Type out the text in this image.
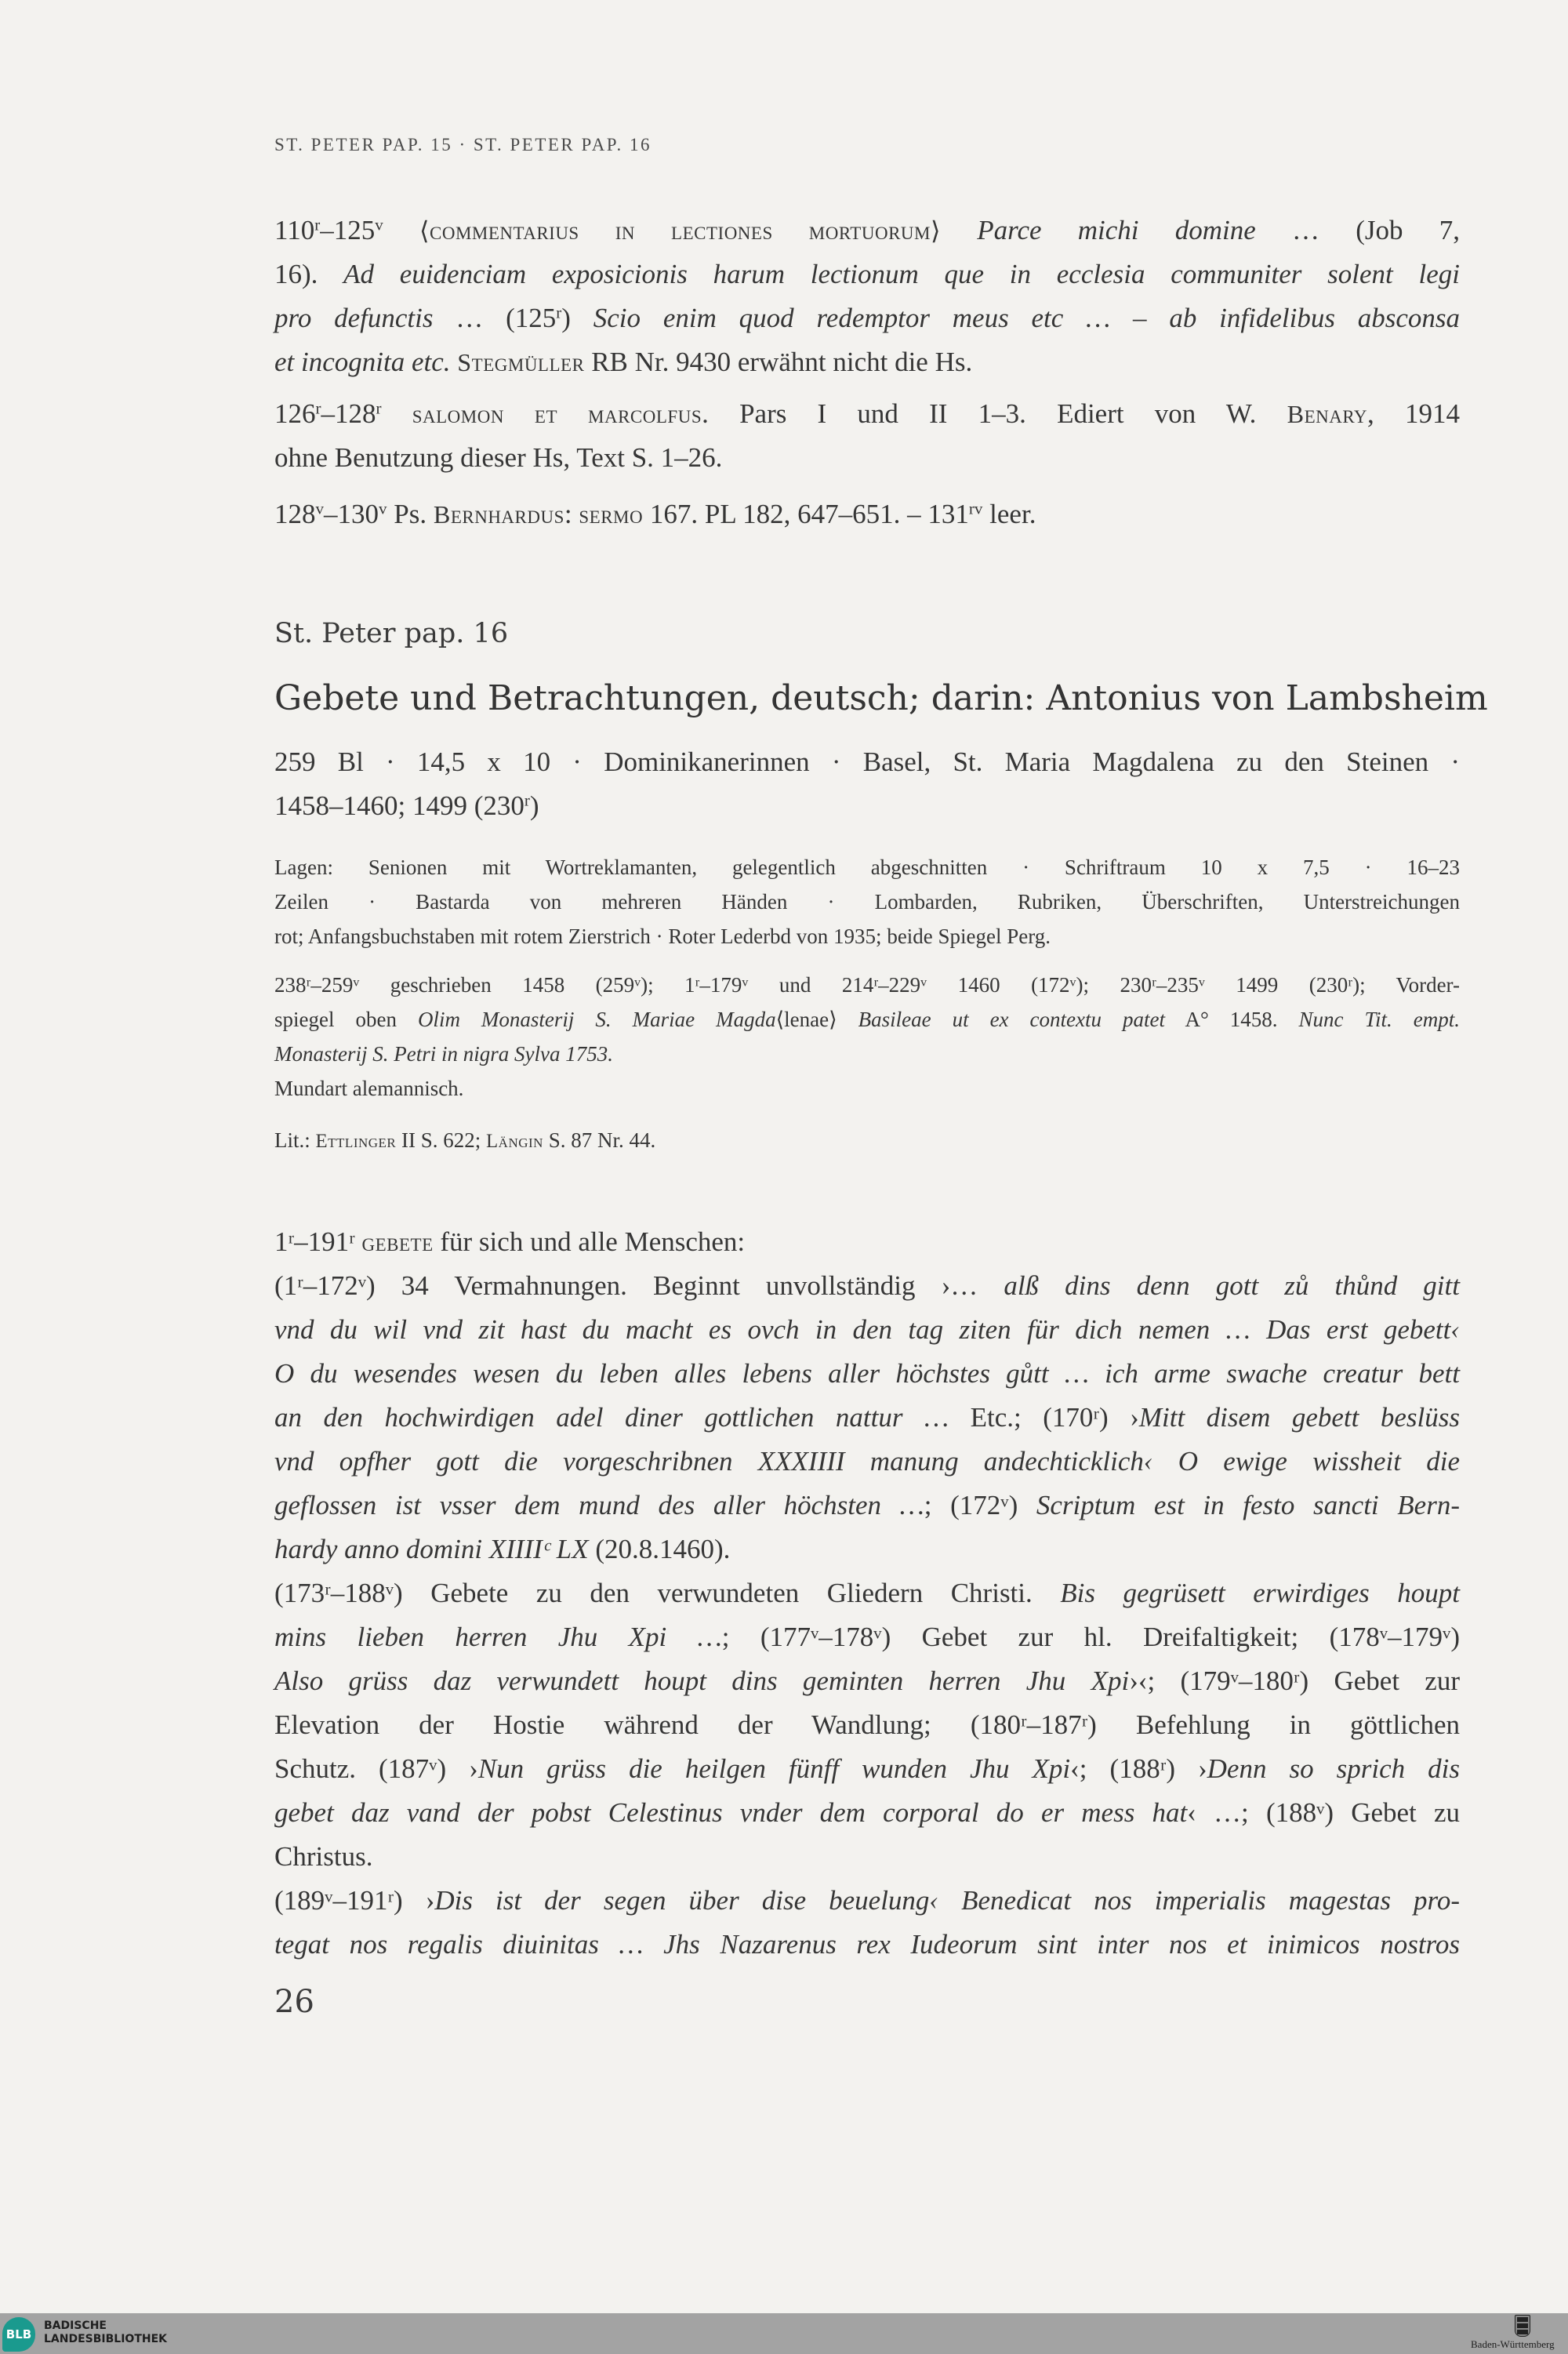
ST. PETER PAP. 15 · ST. PETER PAP. 16
110$^r$–125$^v$ ⟨commentarius in lectiones mortuorum⟩ Parce michi domine … (Job 7,
16). Ad euidenciam exposicionis harum lectionum que in ecclesia communiter solent legi
pro defunctis … (125$^r$) Scio enim quod redemptor meus etc … – ab infidelibus absconsa
et incognita etc. Stegmüller RB Nr. 9430 erwähnt nicht die Hs.
126$^r$–128$^r$ salomon et marcolfus. Pars I und II 1–3. Ediert von W. Benary, 1914
ohne Benutzung dieser Hs, Text S. 1–26.
128$^v$–130$^v$ Ps. Bernhardus: sermo 167. PL 182, 647–651. – $131^{rv}$ leer.
St. Peter pap. 16
Gebete und Betrachtungen, deutsch; darin: Antonius von Lambsheim
259 Bl · 14,5 x 10 · Dominikanerinnen · Basel, St. Maria Magdalena zu den Steinen ·
1458–1460; 1499 (230$^r$)
Lagen: Senionen mit Wortreklamanten, gelegentlich abgeschnitten · Schriftraum 10 x 7,5 · 16–23
Zeilen · Bastarda von mehreren Händen · Lombarden, Rubriken, Überschriften, Unterstreichungen
rot; Anfangsbuchstaben mit rotem Zierstrich · Roter Lederbd von 1935; beide Spiegel Perg.
238ʳ–259ᵛ geschrieben 1458 (259ᵛ); 1ʳ–179ᵛ und 214ʳ–229ᵛ 1460 (172ᵛ); 230ʳ–235ᵛ 1499 (230ʳ); Vorder-
spiegel oben Olim Monasterij S. Mariae Magda⟨lenae⟩ Basileae ut ex contextu patet A° 1458. Nunc Tit. empt.
Monasterij S. Petri in nigra Sylva 1753.
Mundart alemannisch.
Lit.: Ettlinger II S. 622; Längin S. 87 Nr. 44.
1ʳ–191ʳ gebete für sich und alle Menschen:
(1ʳ–172ᵛ) 34 Vermahnungen. Beginnt unvollständig ›… alß dins denn gott zů thůnd gitt
vnd du wil vnd zit hast du macht es ovch in den tag ziten für dich nemen … Das erst gebett‹
O du wesendes wesen du leben alles lebens aller höchstes gůtt … ich arme swache creatur bett
an den hochwirdigen adel diner gottlichen nattur … Etc.; (170ʳ) ›Mitt disem gebett beslüss
vnd opfher gott die vorgeschribnen XXXIIII manung andechticklich‹ O ewige wissheit die
geflossen ist vsser dem mund des aller höchsten …; (172ᵛ) Scriptum est in festo sancti Bern-
hardy anno domini XIIIIᶜ LX (20.8.1460).
(173ʳ–188ᵛ) Gebete zu den verwundeten Gliedern Christi. Bis gegrüsett erwirdiges houpt
mins lieben herren Jhu Xpi …; (177ᵛ–178ᵛ) Gebet zur hl. Dreifaltigkeit; (178ᵛ–179ᵛ)
Also grüss daz verwundett houpt dins geminten herren Jhu Xpi›‹; (179ᵛ–180ʳ) Gebet zur
Elevation der Hostie während der Wandlung; (180ʳ–187ʳ) Befehlung in göttlichen
Schutz. (187ᵛ) ›Nun grüss die heilgen fünff wunden Jhu Xpi‹; (188ʳ) ›Denn so sprich dis
gebet daz vand der pobst Celestinus vnder dem corporal do er mess hat‹ …; (188ᵛ) Gebet zu
Christus.
(189ᵛ–191ʳ) ›Dis ist der segen über dise beuelung‹ Benedicat nos imperialis magestas pro-
tegat nos regalis diuinitas … Jhs Nazarenus rex Iudeorum sint inter nos et inimicos nostros
26
BLB
BADISCHE
LANDESBIBLIOTHEK	Baden-Württemberg
